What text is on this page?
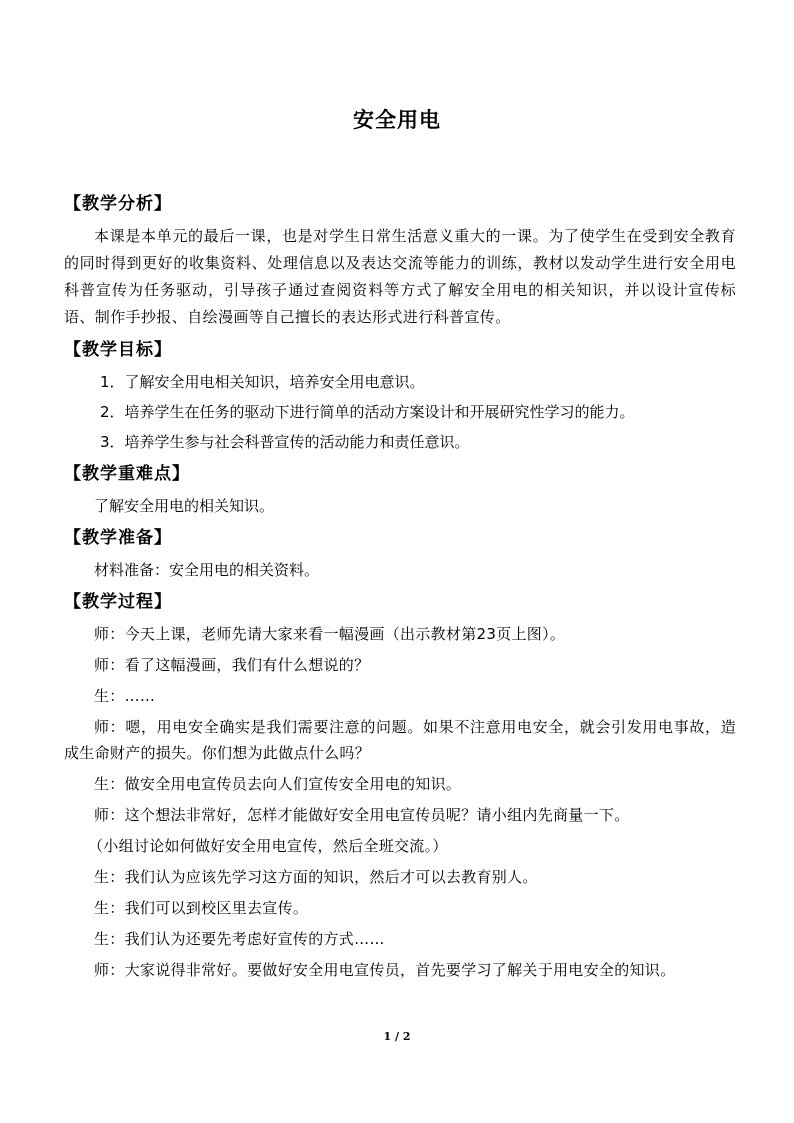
安全用电
【教学分析】
本课是本单元的最后一课，也是对学生日常生活意义重大的一课。为了使学生在受到安全教育的同时得到更好的收集资料、处理信息以及表达交流等能力的训练，教材以发动学生进行安全用电科普宣传为任务驱动，引导孩子通过查阅资料等方式了解安全用电的相关知识，并以设计宣传标语、制作手抄报、自绘漫画等自己擅长的表达形式进行科普宣传。
【教学目标】
1．了解安全用电相关知识，培养安全用电意识。
2．培养学生在任务的驱动下进行简单的活动方案设计和开展研究性学习的能力。
3．培养学生参与社会科普宣传的活动能力和责任意识。
【教学重难点】
了解安全用电的相关知识。
【教学准备】
材料准备：安全用电的相关资料。
【教学过程】
师：今天上课，老师先请大家来看一幅漫画（出示教材第23页上图）。
师：看了这幅漫画，我们有什么想说的？
生：……
师：嗯，用电安全确实是我们需要注意的问题。如果不注意用电安全，就会引发用电事故，造成生命财产的损失。你们想为此做点什么吗？
生：做安全用电宣传员去向人们宣传安全用电的知识。
师：这个想法非常好，怎样才能做好安全用电宣传员呢？请小组内先商量一下。
（小组讨论如何做好安全用电宣传，然后全班交流。）
生：我们认为应该先学习这方面的知识，然后才可以去教育别人。
生：我们可以到校区里去宣传。
生：我们认为还要先考虑好宣传的方式……
师：大家说得非常好。要做好安全用电宣传员，首先要学习了解关于用电安全的知识。
1 / 2
